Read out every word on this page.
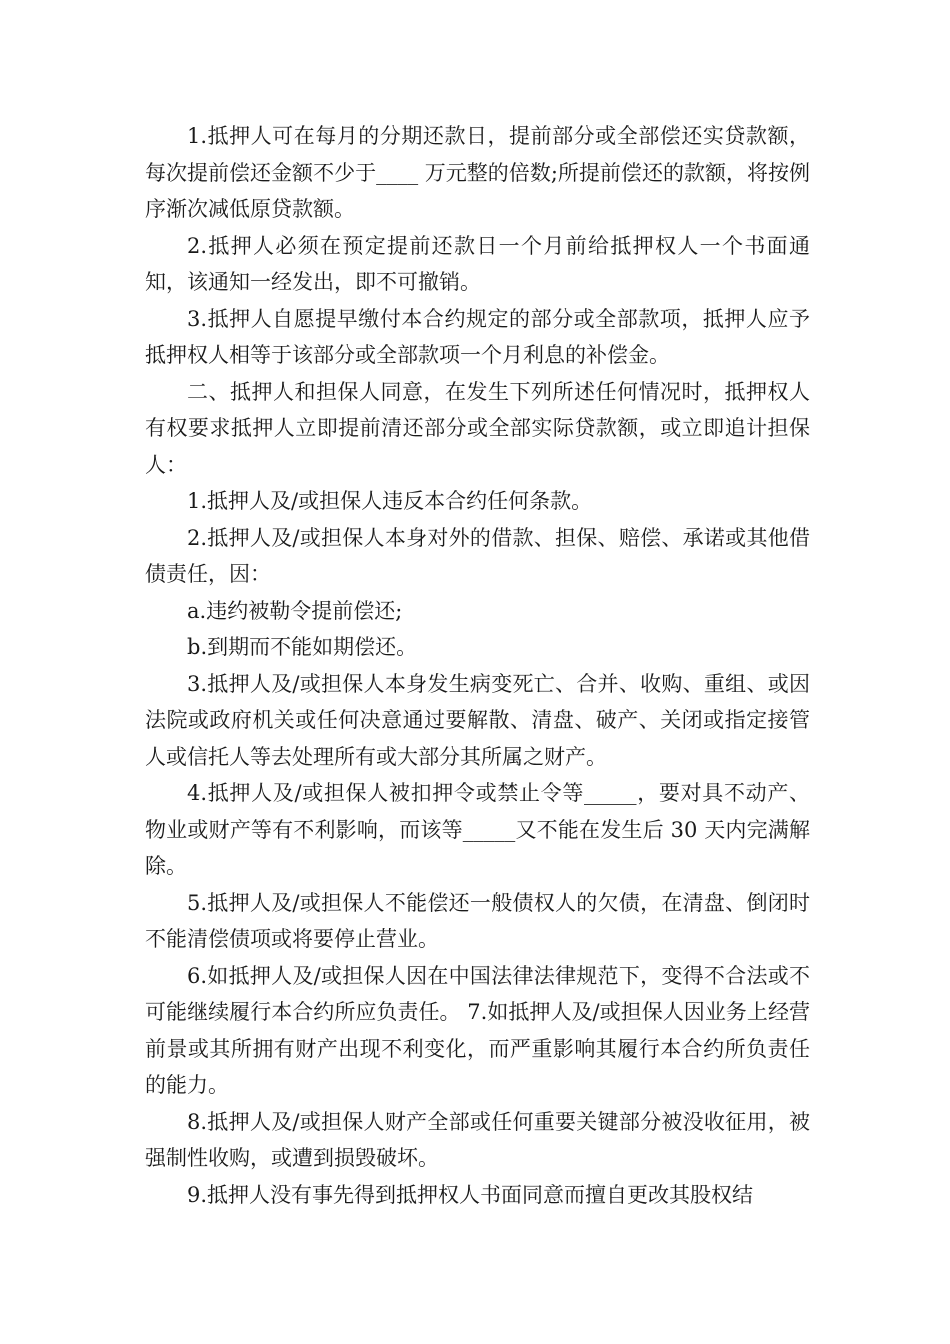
1.抵押人可在每月的分期还款日，提前部分或全部偿还实贷款额，每次提前偿还金额不少于____ 万元整的倍数;所提前偿还的款额，将按例序渐次减低原贷款额。

2.抵押人必须在预定提前还款日一个月前给抵押权人一个书面通知，该通知一经发出，即不可撤销。

3.抵押人自愿提早缴付本合约规定的部分或全部款项，抵押人应予抵押权人相等于该部分或全部款项一个月利息的补偿金。

二、抵押人和担保人同意，在发生下列所述任何情况时，抵押权人有权要求抵押人立即提前清还部分或全部实际贷款额，或立即追计担保人：

1.抵押人及/或担保人违反本合约任何条款。

2.抵押人及/或担保人本身对外的借款、担保、赔偿、承诺或其他借债责任，因：

a.违约被勒令提前偿还;

b.到期而不能如期偿还。

3.抵押人及/或担保人本身发生病变死亡、合并、收购、重组、或因法院或政府机关或任何决意通过要解散、清盘、破产、关闭或指定接管人或信托人等去处理所有或大部分其所属之财产。

4.抵押人及/或担保人被扣押令或禁止令等_____，要对具不动产、物业或财产等有不利影响，而该等_____又不能在发生后 30 天内完满解除。

5.抵押人及/或担保人不能偿还一般债权人的欠债，在清盘、倒闭时不能清偿债项或将要停止营业。

6.如抵押人及/或担保人因在中国法律法律规范下，变得不合法或不可能继续履行本合约所应负责任。 7.如抵押人及/或担保人因业务上经营前景或其所拥有财产出现不利变化，而严重影响其履行本合约所负责任的能力。

8.抵押人及/或担保人财产全部或任何重要关键部分被没收征用，被强制性收购，或遭到损毁破坏。

9.抵押人没有事先得到抵押权人书面同意而擅自更改其股权结
